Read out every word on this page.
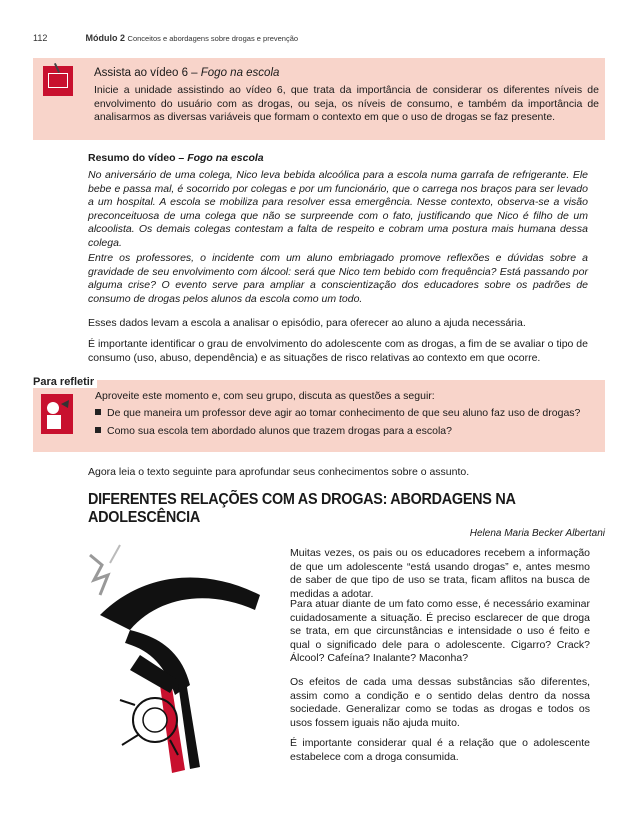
112	Módulo 2 Conceitos e abordagens sobre drogas e prevenção
Assista ao vídeo 6 – Fogo na escola
Inicie a unidade assistindo ao vídeo 6, que trata da importância de considerar os diferentes níveis de envolvimento do usuário com as drogas, ou seja, os níveis de consumo, e também da importância de analisarmos as diversas variáveis que formam o contexto em que o uso de drogas se faz presente.
Resumo do vídeo – Fogo na escola
No aniversário de uma colega, Nico leva bebida alcoólica para a escola numa garrafa de refrigerante. Ele bebe e passa mal, é socorrido por colegas e por um funcionário, que o carrega nos braços para ser levado a um hospital. A escola se mobiliza para resolver essa emergência. Nesse contexto, observa-se a visão preconceituosa de uma colega que não se surpreende com o fato, justificando que Nico é filho de um alcoolista. Os demais colegas contestam a falta de respeito e cobram uma postura mais humana dessa colega.
Entre os professores, o incidente com um aluno embriagado promove reflexões e dúvidas sobre a gravidade de seu envolvimento com álcool: será que Nico tem bebido com frequência? Está passando por alguma crise? O evento serve para ampliar a conscientização dos educadores sobre os padrões de consumo de drogas pelos alunos da escola como um todo.
Esses dados levam a escola a analisar o episódio, para oferecer ao aluno a ajuda necessária.
É importante identificar o grau de envolvimento do adolescente com as drogas, a fim de se avaliar o tipo de consumo (uso, abuso, dependência) e as situações de risco relativas ao contexto em que ocorre.
Para refletir
Aproveite este momento e, com seu grupo, discuta as questões a seguir:
De que maneira um professor deve agir ao tomar conhecimento de que seu aluno faz uso de drogas?
Como sua escola tem abordado alunos que trazem drogas para a escola?
Agora leia o texto seguinte para aprofundar seus conhecimentos sobre o assunto.
DIFERENTES RELAÇÕES COM AS DROGAS: ABORDAGENS NA ADOLESCÊNCIA
Helena Maria Becker Albertani
Muitas vezes, os pais ou os educadores recebem a informação de que um adolescente “está usando drogas” e, antes mesmo de saber de que tipo de uso se trata, ficam aflitos na busca de medidas a adotar.
Para atuar diante de um fato como esse, é necessário examinar cuidadosamente a situação. É preciso esclarecer de que droga se trata, em que circunstâncias e intensidade o uso é feito e qual o significado dele para o adolescente. Cigarro? Crack? Álcool? Cafeína? Inalante? Maconha?
Os efeitos de cada uma dessas substâncias são diferentes, assim como a condição e o sentido delas dentro da nossa sociedade. Generalizar como se todas as drogas e todos os usos fossem iguais não ajuda muito.
É importante considerar qual é a relação que o adolescente estabelece com a droga consumida.
